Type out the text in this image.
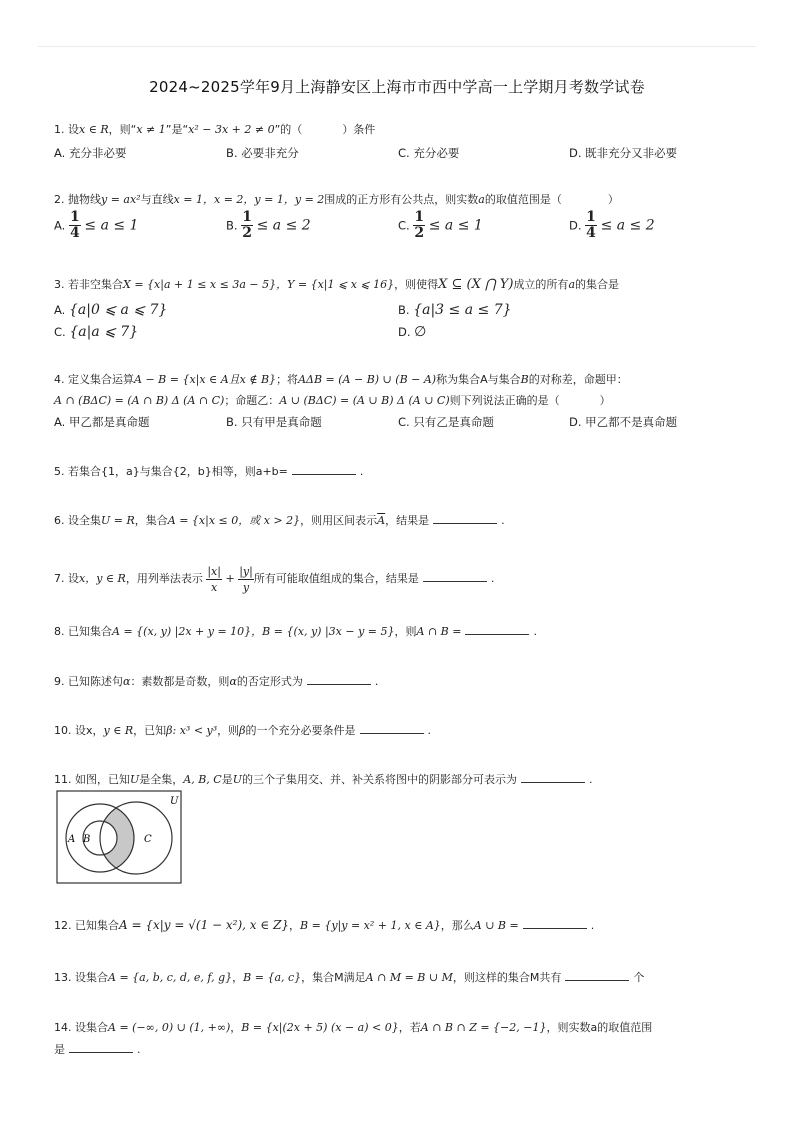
2024~2025学年9月上海静安区上海市市西中学高一上学期月考数学试卷
1. 设x ∈ R，则“x ≠ 1”是“x² − 3x + 2 ≠ 0”的（	）条件
A. 充分非必要	B. 必要非充分	C. 充分必要	D. 既非充分又非必要
2. 抛物线y = ax²与直线x = 1，x = 2，y = 1，y = 2围成的正方形有公共点，则实数a的取值范围是（	）
A. $\frac{1}{4} \le a \le 1$	B. $\frac{1}{2} \le a \le 2$	C. $\frac{1}{2} \le a \le 1$	D. $\frac{1}{4} \le a \le 2$
3. 若非空集合X = {x|a + 1 ≤ x ≤ 3a − 5}，Y = {x|1 ⩽ x ⩽ 16}，则使得X ⊆ (X ⋂ Y)成立的所有a的集合是
A. {a|0 ⩽ a ⩽ 7}	B. {a|3 ≤ a ≤ 7}
C. {a|a ⩽ 7}	D. ∅
4. 定义集合运算A − B = {x|x ∈ A且x ∉ B}；将AΔB = (A − B) ∪ (B − A)称为集合A与集合B的对称差，命题甲：
A ∩ (BΔC) = (A ∩ B) Δ (A ∩ C)；命题乙：A ∪ (BΔC) = (A ∪ B) Δ (A ∪ C)则下列说法正确的是（	）
A. 甲乙都是真命题	B. 只有甲是真命题	C. 只有乙是真命题	D. 甲乙都不是真命题
5. 若集合{1，a}与集合{2，b}相等，则a+b=	.
6. 设全集U = R，集合A = {x|x ≤ 0，或 x > 2}，则用区间表示$\overline{A}$，结果是	.
7. 设x，y ∈ R，用列举法表示 $\frac{|x|}{x} + \frac{|y|}{y}$ 所有可能取值组成的集合，结果是	.
8. 已知集合A = {(x, y) |2x + y = 10}，B = {(x, y) |3x − y = 5}，则A ∩ B =	.
9. 已知陈述句α：素数都是奇数，则α的否定形式为	.
10. 设x，y ∈ R，已知β: x³ < y³，则β的一个充分必要条件是	.
11. 如图，已知U是全集，A, B, C是U的三个子集用交、并、补关系将图中的阴影部分可表示为	.
U
A B	C
12. 已知集合A = {x|y = √(1 − x²), x ∈ Z}，B = {y|y = x² + 1, x ∈ A}，那么A ∪ B =	.
13. 设集合A = {a, b, c, d, e, f, g}，B = {a, c}，集合M满足A ∩ M = B ∪ M，则这样的集合M共有	个
14. 设集合A = (−∞, 0) ∪ (1, +∞)，B = {x|(2x + 5) (x − a) < 0}，若A ∩ B ∩ Z = {−2, −1}，则实数a的取值范围
是	.
